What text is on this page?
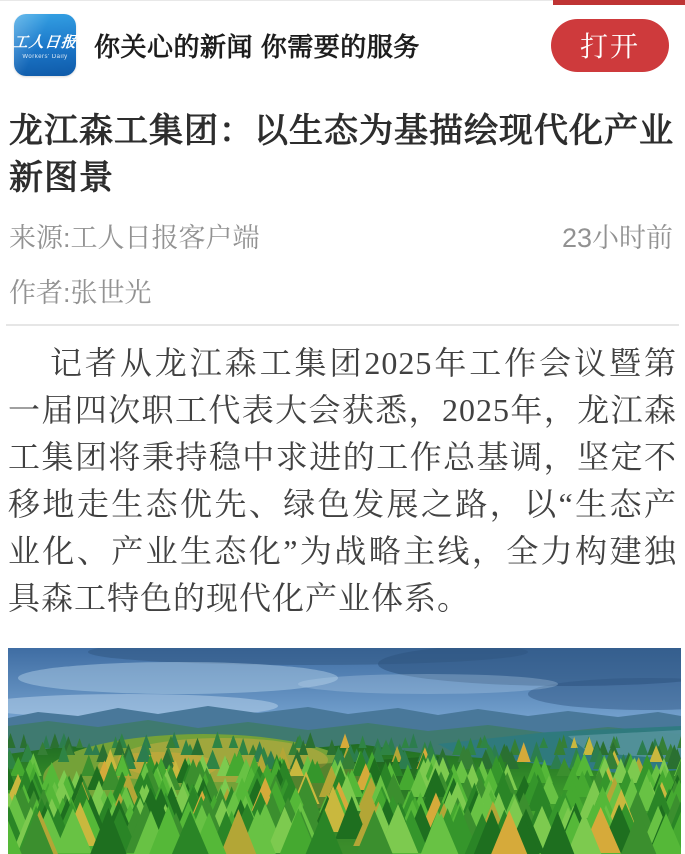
工人日报
Workers' Daily 你关心的新闻 你需要的服务	打开
龙江森工集团：以生态为基描绘现代化产业新图景
来源:工人日报客户端	23小时前
作者:张世光

记者从龙江森工集团2025年工作会议暨第一届四次职工代表大会获悉，2025年，龙江森工集团将秉持稳中求进的工作总基调，坚定不移地走生态优先、绿色发展之路，以“生态产业化、产业生态化”为战略主线，全力构建独具森工特色的现代化产业体系。
